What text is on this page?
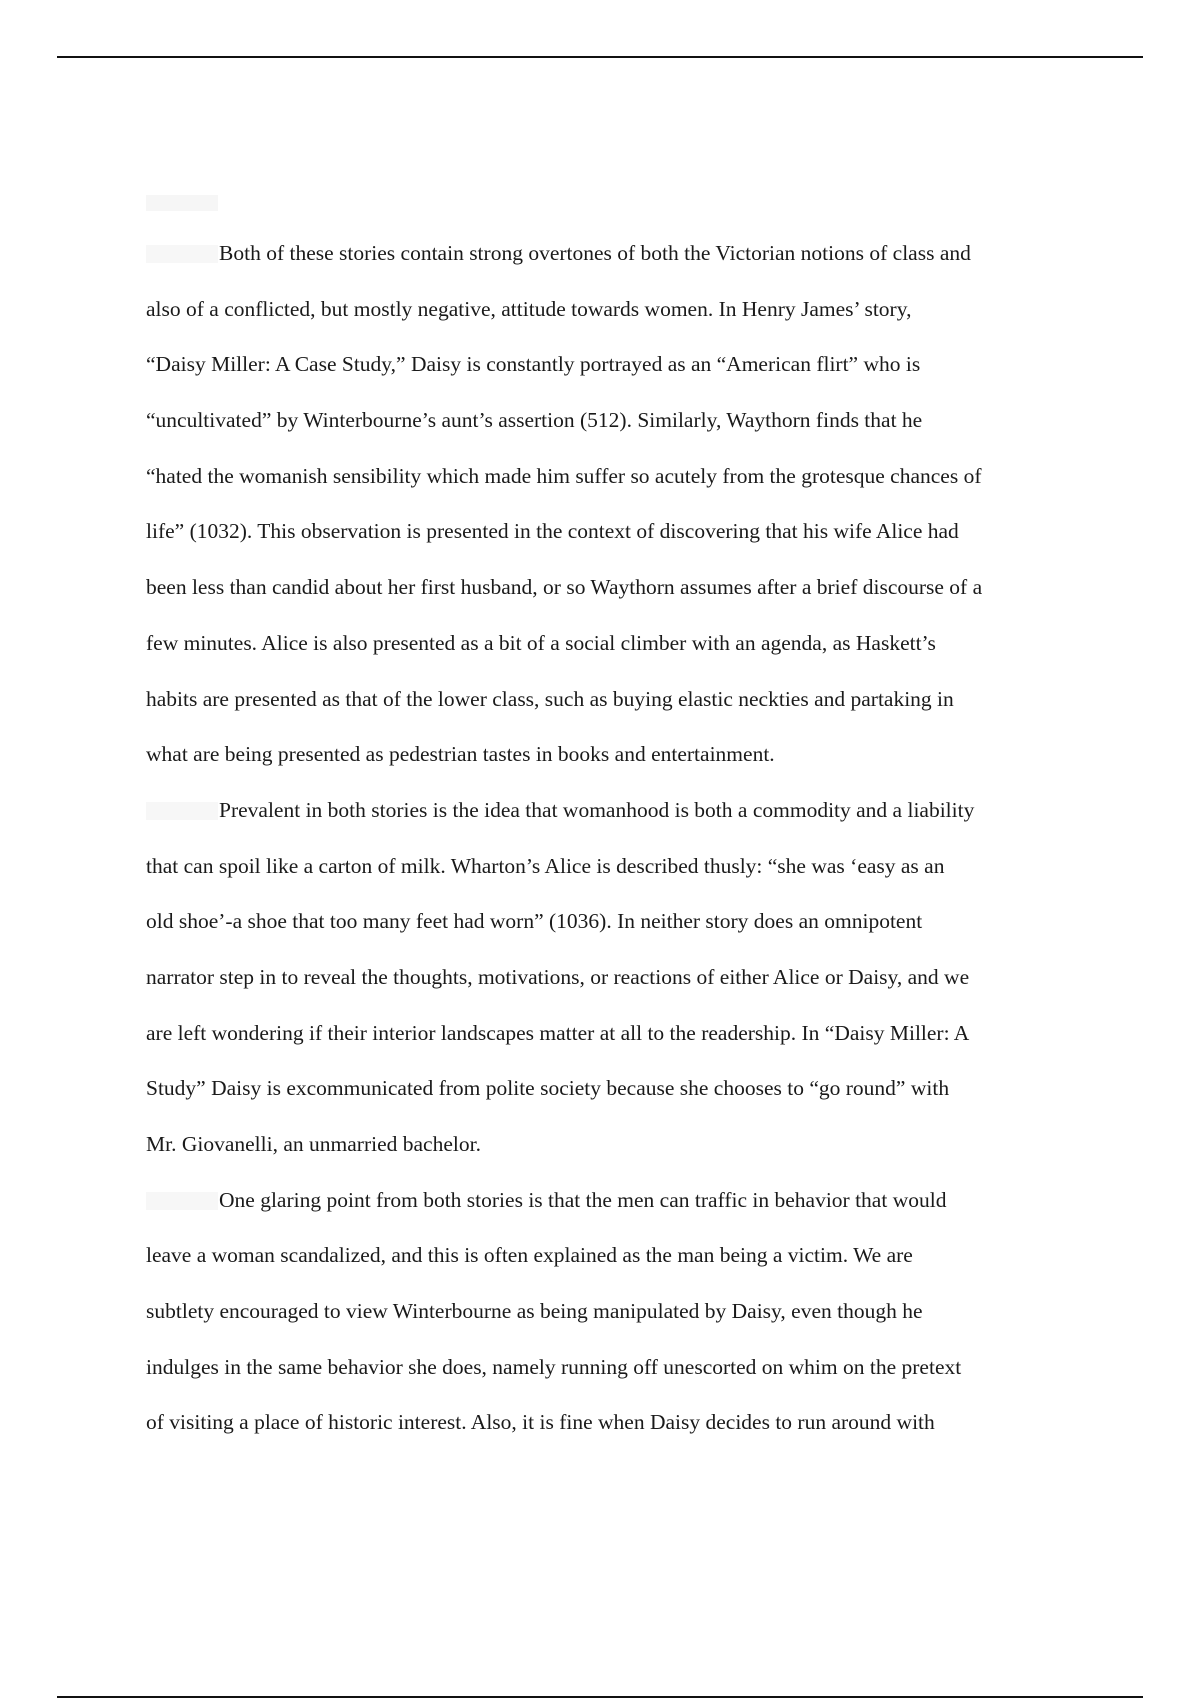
Both of these stories contain strong overtones of both the Victorian notions of class and
also of a conflicted, but mostly negative, attitude towards women. In Henry James’ story,
“Daisy Miller: A Case Study,” Daisy is constantly portrayed as an “American flirt” who is
“uncultivated” by Winterbourne’s aunt’s assertion (512). Similarly, Waythorn finds that he
“hated the womanish sensibility which made him suffer so acutely from the grotesque chances of
life” (1032). This observation is presented in the context of discovering that his wife Alice had
been less than candid about her first husband, or so Waythorn assumes after a brief discourse of a
few minutes. Alice is also presented as a bit of a social climber with an agenda, as Haskett’s
habits are presented as that of the lower class, such as buying elastic neckties and partaking in
what are being presented as pedestrian tastes in books and entertainment.
Prevalent in both stories is the idea that womanhood is both a commodity and a liability
that can spoil like a carton of milk. Wharton’s Alice is described thusly: “she was ‘easy as an
old shoe’-a shoe that too many feet had worn” (1036). In neither story does an omnipotent
narrator step in to reveal the thoughts, motivations, or reactions of either Alice or Daisy, and we
are left wondering if their interior landscapes matter at all to the readership. In “Daisy Miller: A
Study” Daisy is excommunicated from polite society because she chooses to “go round” with
Mr. Giovanelli, an unmarried bachelor.
One glaring point from both stories is that the men can traffic in behavior that would
leave a woman scandalized, and this is often explained as the man being a victim. We are
subtlety encouraged to view Winterbourne as being manipulated by Daisy, even though he
indulges in the same behavior she does, namely running off unescorted on whim on the pretext
of visiting a place of historic interest. Also, it is fine when Daisy decides to run around with
